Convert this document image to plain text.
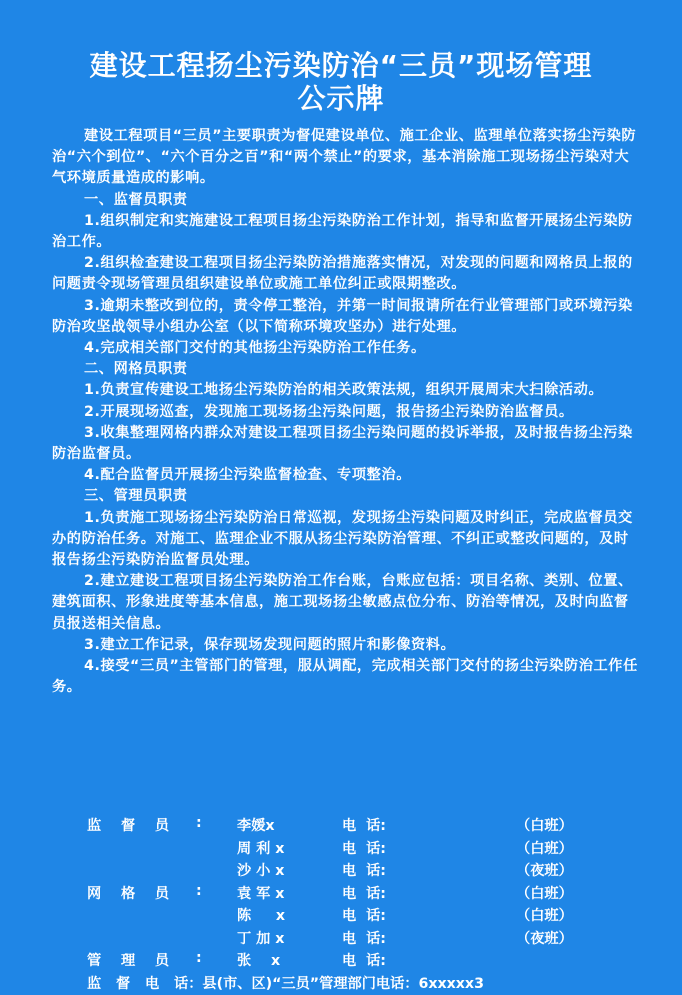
建设工程扬尘污染防治“三员”现场管理
公示牌

建设工程项目“三员”主要职责为督促建设单位、施工企业、监理单位落实扬尘污染防治“六个到位”、“六个百分之百”和“两个禁止”的要求，基本消除施工现场扬尘污染对大气环境质量造成的影响。

一、监督员职责

1.组织制定和实施建设工程项目扬尘污染防治工作计划，指导和监督开展扬尘污染防治工作。

2.组织检查建设工程项目扬尘污染防治措施落实情况，对发现的问题和网格员上报的问题责令现场管理员组织建设单位或施工单位纠正或限期整改。

3.逾期未整改到位的，责令停工整治，并第一时间报请所在行业管理部门或环境污染防治攻坚战领导小组办公室（以下简称环境攻坚办）进行处理。

4.完成相关部门交付的其他扬尘污染防治工作任务。

二、网格员职责

1.负责宣传建设工地扬尘污染防治的相关政策法规，组织开展周末大扫除活动。

2.开展现场巡查，发现施工现场扬尘污染问题，报告扬尘污染防治监督员。

3.收集整理网格内群众对建设工程项目扬尘污染问题的投诉举报，及时报告扬尘污染防治监督员。

4.配合监督员开展扬尘污染监督检查、专项整治。

三、管理员职责

1.负责施工现场扬尘污染防治日常巡视，发现扬尘污染问题及时纠正，完成监督员交办的防治任务。对施工、监理企业不服从扬尘污染防治管理、不纠正或整改问题的，及时报告扬尘污染防治监督员处理。

2.建立建设工程项目扬尘污染防治工作台账，台账应包括：项目名称、类别、位置、建筑面积、形象进度等基本信息，施工现场扬尘敏感点位分布、防治等情况，及时向监督员报送相关信息。

3.建立工作记录，保存现场发现问题的照片和影像资料。

4.接受“三员”主管部门的管理，服从调配，完成相关部门交付的扬尘污染防治工作任务。

监    督    员 : 李媛x	电  话:	（白班）
周 利 x	电  话:	（白班）
沙 小 x	电  话:	（夜班）
网    格    员 : 袁 军 x	电  话:	（白班）
陈     x	电  话:	（白班）
丁 加 x	电  话:	（夜班）
管    理    员 : 张    x	电  话:
监   督   电   话：县(市、区)“三员”管理部门电话：6xxxxx3
